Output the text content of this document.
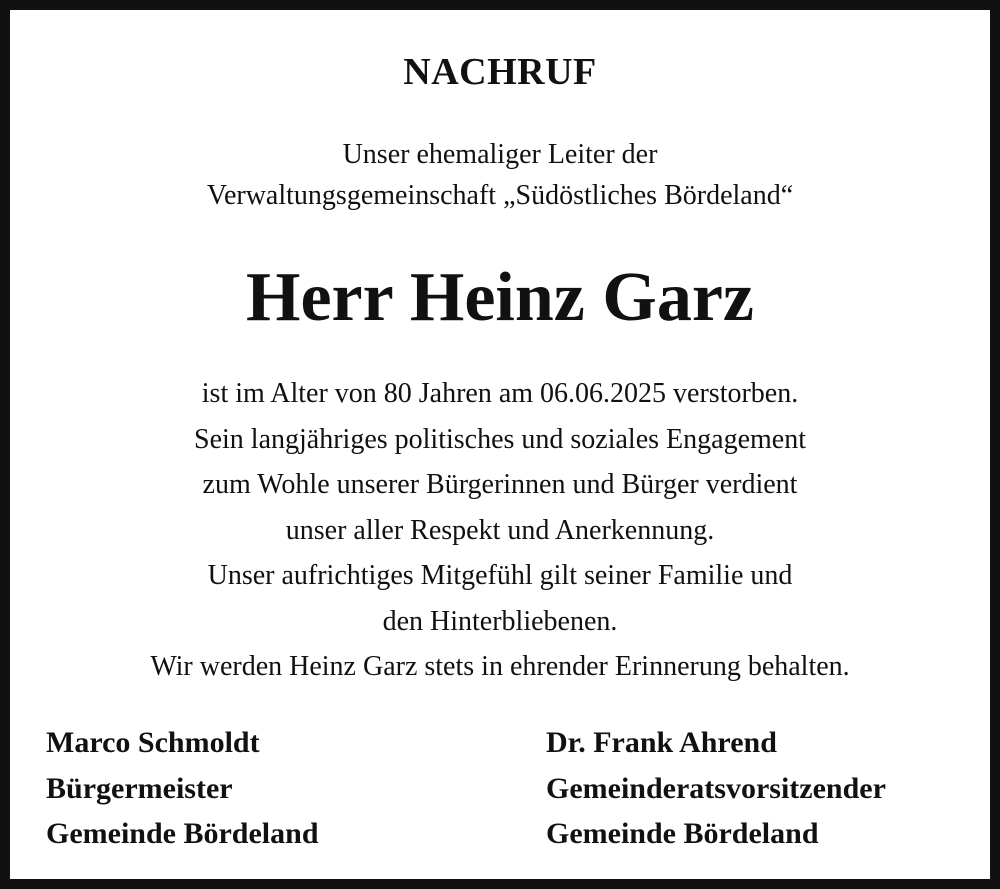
NACHRUF
Unser ehemaliger Leiter der
Verwaltungsgemeinschaft „Südöstliches Bördeland“
Herr Heinz Garz
ist im Alter von 80 Jahren am 06.06.2025 verstorben.
Sein langjähriges politisches und soziales Engagement
zum Wohle unserer Bürgerinnen und Bürger verdient
unser aller Respekt und Anerkennung.
Unser aufrichtiges Mitgefühl gilt seiner Familie und
den Hinterbliebenen.
Wir werden Heinz Garz stets in ehrender Erinnerung behalten.
Marco Schmoldt
Bürgermeister
Gemeinde Bördeland
Dr. Frank Ahrend
Gemeinderatsvorsitzender
Gemeinde Bördeland
